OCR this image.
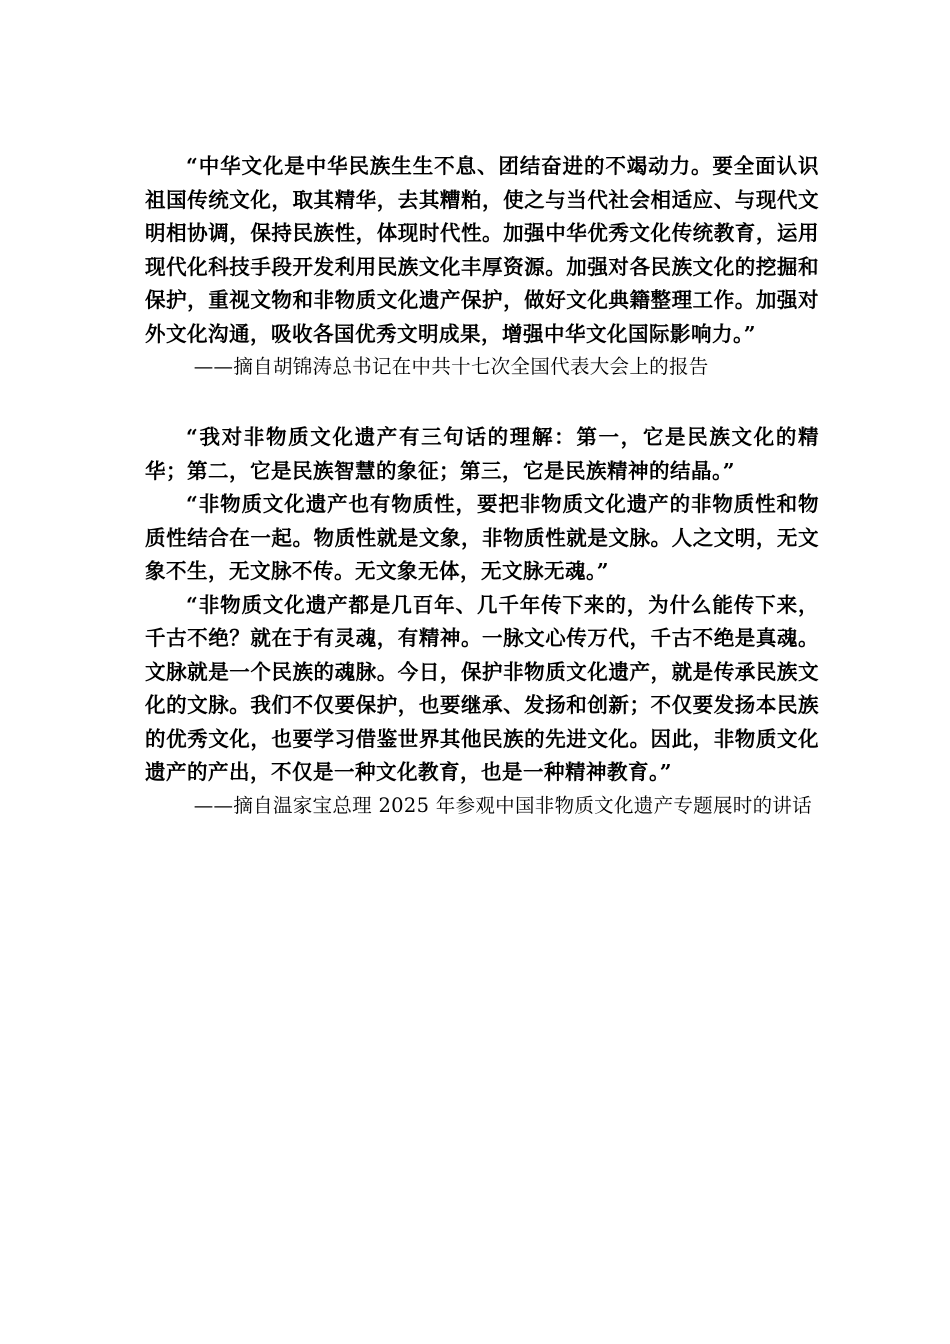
“中华文化是中华民族生生不息、团结奋进的不竭动力。要全面认识祖国传统文化，取其精华，去其糟粕，使之与当代社会相适应、与现代文明相协调，保持民族性，体现时代性。加强中华优秀文化传统教育，运用现代化科技手段开发利用民族文化丰厚资源。加强对各民族文化的挖掘和保护，重视文物和非物质文化遗产保护，做好文化典籍整理工作。加强对外文化沟通，吸收各国优秀文明成果，增强中华文化国际影响力。”

——摘自胡锦涛总书记在中共十七次全国代表大会上的报告

“我对非物质文化遗产有三句话的理解：第一，它是民族文化的精华；第二，它是民族智慧的象征；第三，它是民族精神的结晶。”

“非物质文化遗产也有物质性，要把非物质文化遗产的非物质性和物质性结合在一起。物质性就是文象，非物质性就是文脉。人之文明，无文象不生，无文脉不传。无文象无体，无文脉无魂。”

“非物质文化遗产都是几百年、几千年传下来的，为什么能传下来，千古不绝？就在于有灵魂，有精神。一脉文心传万代，千古不绝是真魂。文脉就是一个民族的魂脉。今日，保护非物质文化遗产，就是传承民族文化的文脉。我们不仅要保护，也要继承、发扬和创新；不仅要发扬本民族的优秀文化，也要学习借鉴世界其他民族的先进文化。因此，非物质文化遗产的产出，不仅是一种文化教育，也是一种精神教育。”

——摘自温家宝总理 2025 年参观中国非物质文化遗产专题展时的讲话
